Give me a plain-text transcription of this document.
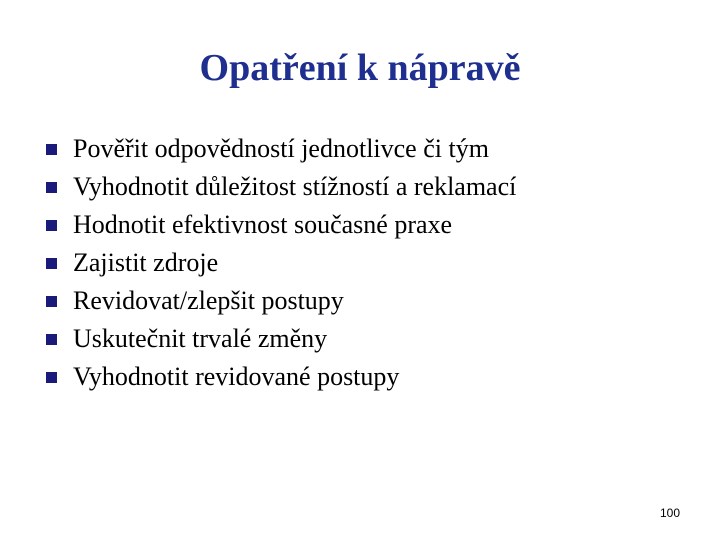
Opatření k nápravě
Pověřit odpovědností jednotlivce či tým
Vyhodnotit důležitost stížností a reklamací
Hodnotit efektivnost současné praxe
Zajistit zdroje
Revidovat/zlepšit postupy
Uskutečnit trvalé změny
Vyhodnotit revidované postupy
100
